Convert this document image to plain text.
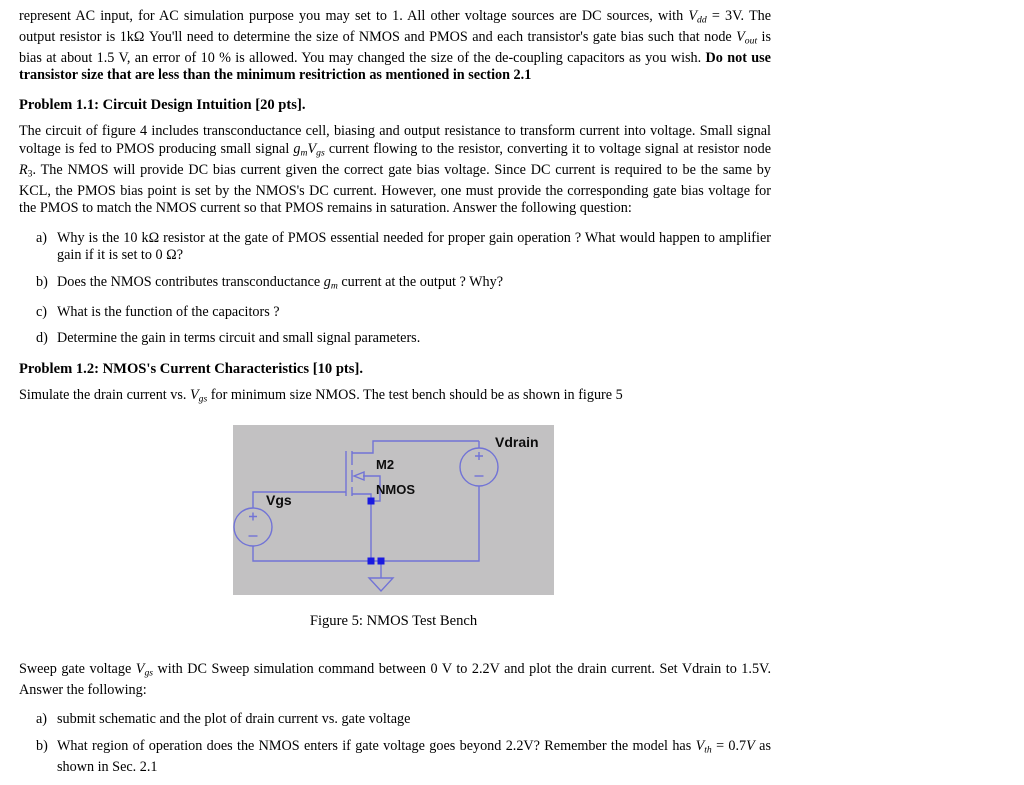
represent AC input, for AC simulation purpose you may set to 1. All other voltage sources are DC sources, with Vdd = 3V. The output resistor is 1kΩ You'll need to determine the size of NMOS and PMOS and each transistor's gate bias such that node Vout is bias at about 1.5 V, an error of 10 % is allowed. You may changed the size of the de-coupling capacitors as you wish. Do not use transistor size that are less than the minimum resitriction as mentioned in section 2.1

Problem 1.1: Circuit Design Intuition [20 pts].

The circuit of figure 4 includes transconductance cell, biasing and output resistance to transform current into voltage. Small signal voltage is fed to PMOS producing small signal gmVgs current flowing to the resistor, converting it to voltage signal at resistor node R3. The NMOS will provide DC bias current given the correct gate bias voltage. Since DC current is required to be the same by KCL, the PMOS bias point is set by the NMOS's DC current. However, one must provide the corresponding gate bias voltage for the PMOS to match the NMOS current so that PMOS remains in saturation. Answer the following question:

a) Why is the 10 kΩ resistor at the gate of PMOS essential needed for proper gain operation ? What would happen to amplifier gain if it is set to 0 Ω?
b) Does the NMOS contributes transconductance gm current at the output ? Why?
c) What is the function of the capacitors ?
d) Determine the gain in terms circuit and small signal parameters.

Problem 1.2: NMOS's Current Characteristics [10 pts].

Simulate the drain current vs. Vgs for minimum size NMOS. The test bench should be as shown in figure 5

M2
NMOS
Vgs
Vdrain
Figure 5: NMOS Test Bench

Sweep gate voltage Vgs with DC Sweep simulation command between 0 V to 2.2V and plot the drain current. Set Vdrain to 1.5V. Answer the following:

a) submit schematic and the plot of drain current vs. gate voltage
b) What region of operation does the NMOS enters if gate voltage goes beyond 2.2V? Remember the model has Vth = 0.7V as shown in Sec. 2.1
